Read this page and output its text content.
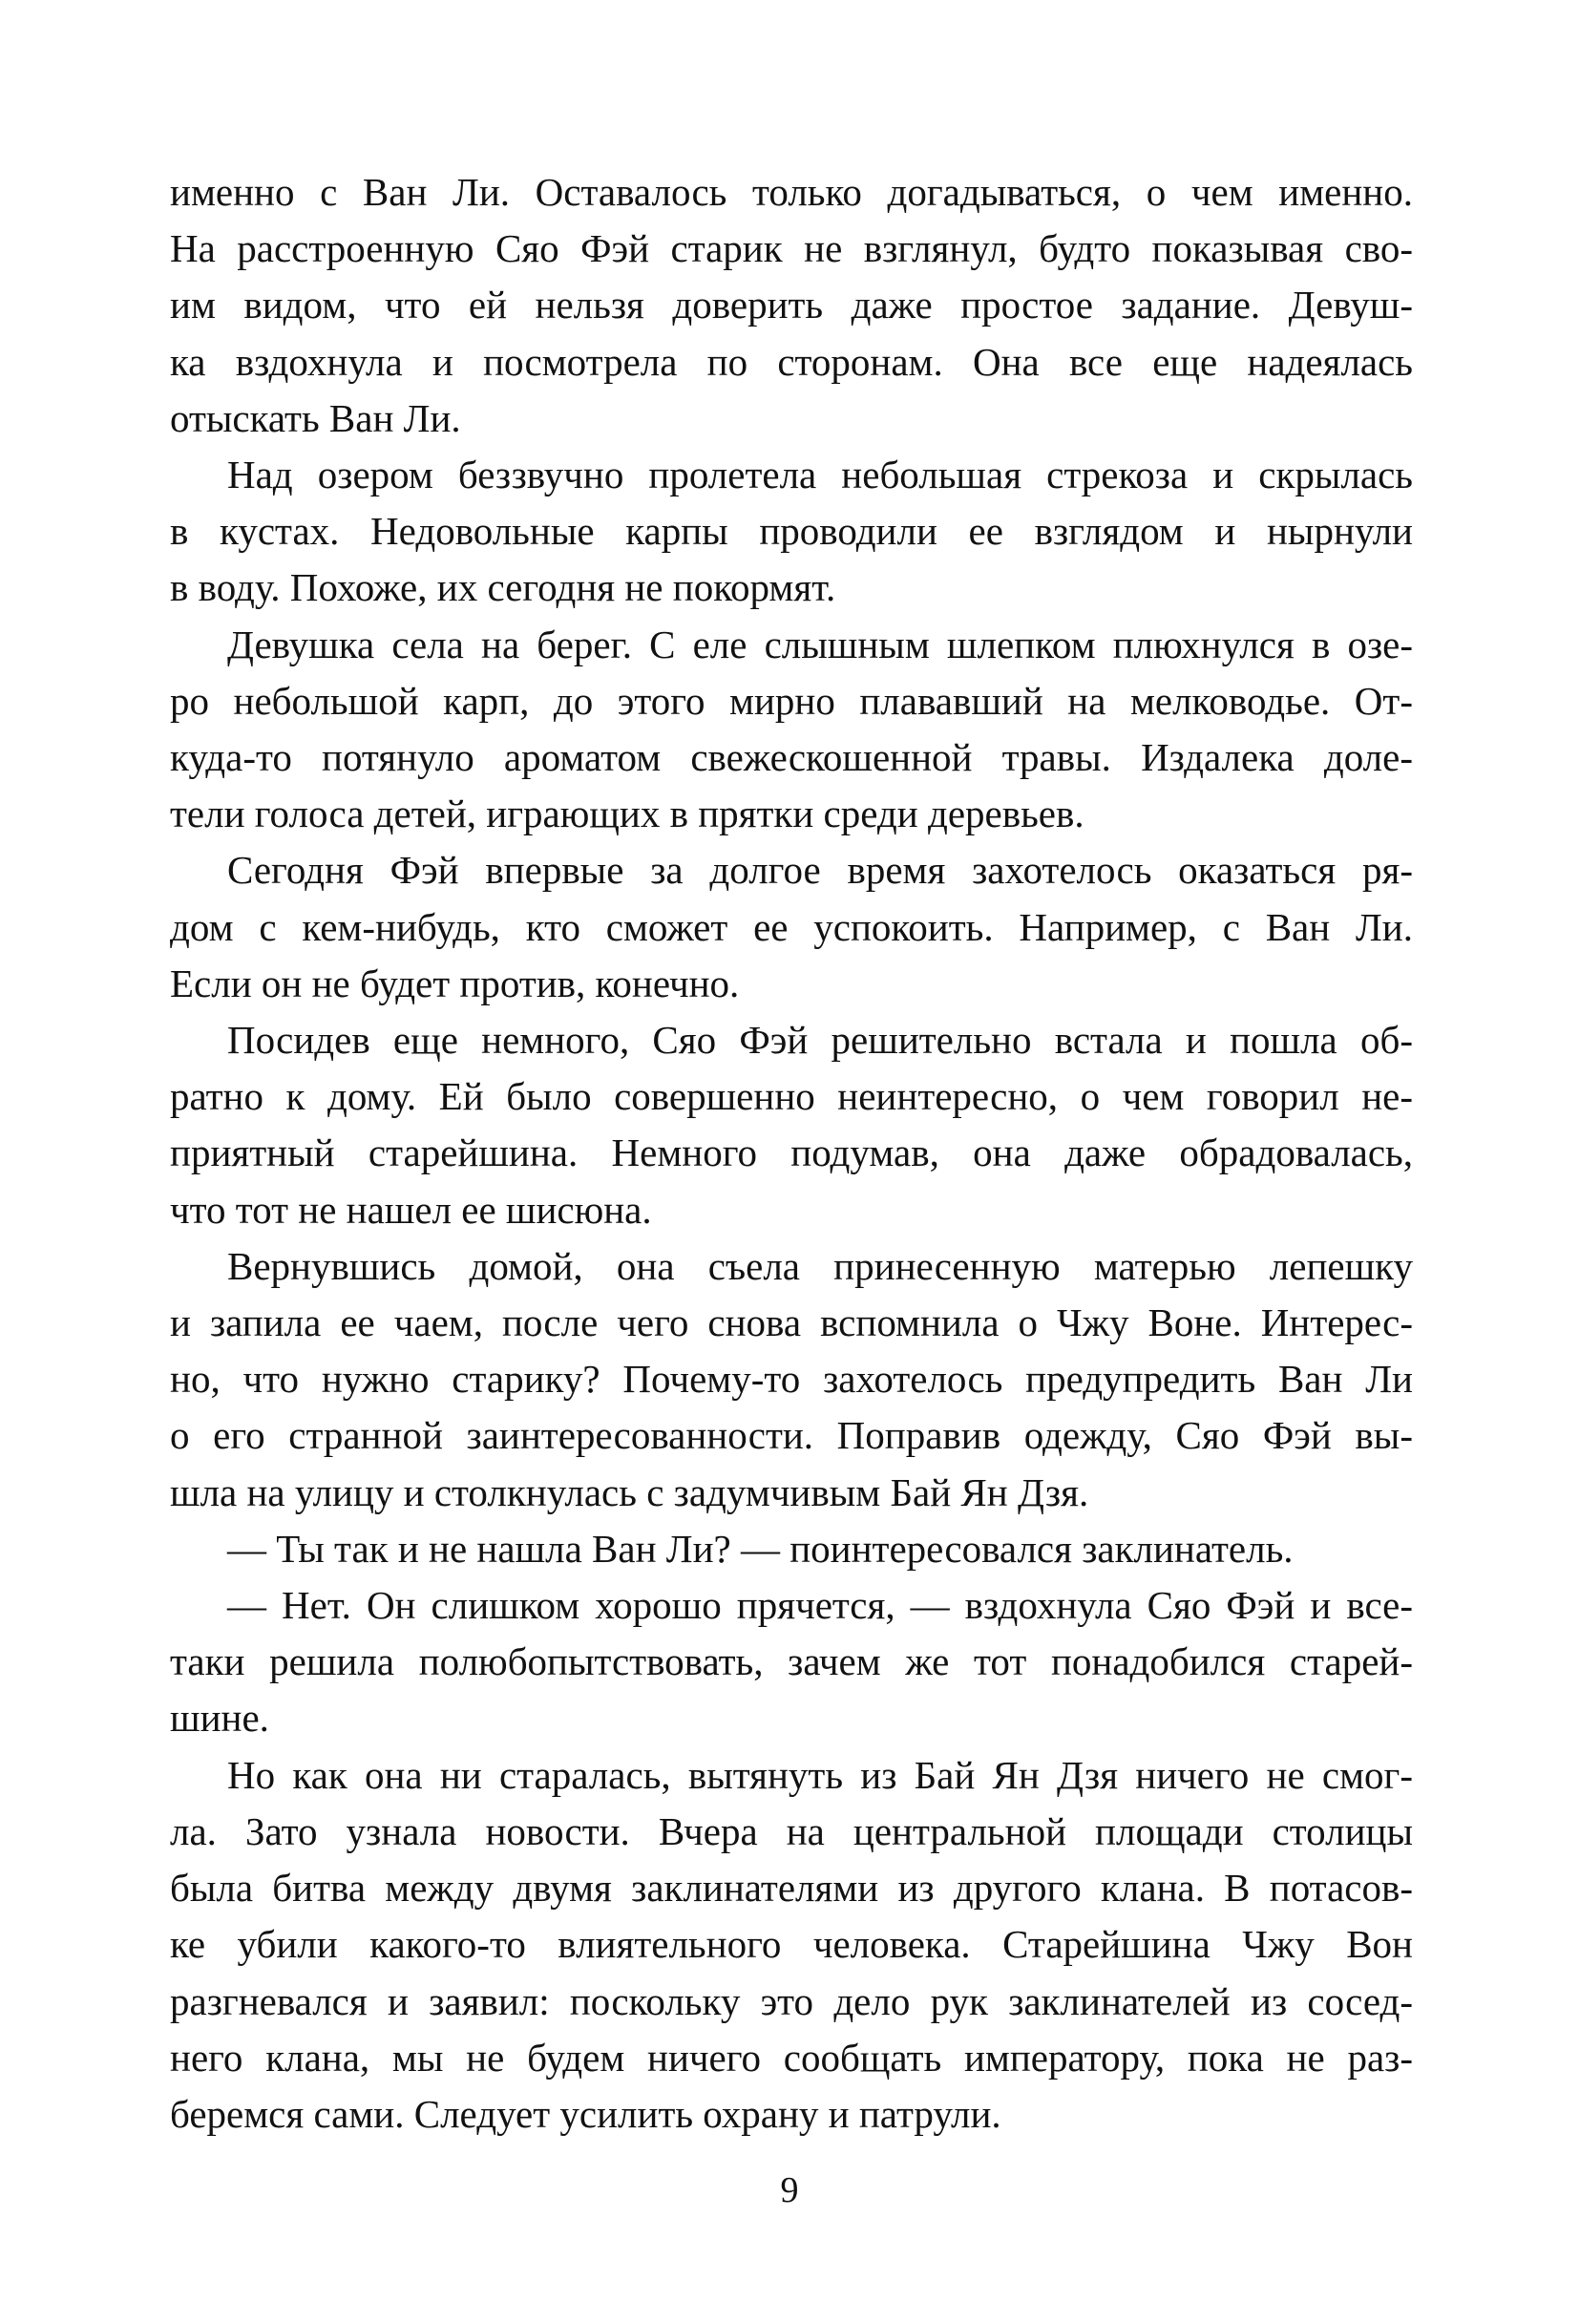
именно с Ван Ли. Оставалось только догадываться, о чем именно.
На расстроенную Сяо Фэй старик не взглянул, будто показывая сво-
им видом, что ей нельзя доверить даже простое задание. Девуш-
ка вздохнула и посмотрела по сторонам. Она все еще надеялась
отыскать Ван Ли.

Над озером беззвучно пролетела небольшая стрекоза и скрылась
в кустах. Недовольные карпы проводили ее взглядом и нырнули
в воду. Похоже, их сегодня не покормят.

Девушка села на берег. С еле слышным шлепком плюхнулся в озе-
ро небольшой карп, до этого мирно плававший на мелководье. От-
куда-то потянуло ароматом свежескошенной травы. Издалека доле-
тели голоса детей, играющих в прятки среди деревьев.

Сегодня Фэй впервые за долгое время захотелось оказаться ря-
дом с кем-нибудь, кто сможет ее успокоить. Например, с Ван Ли.
Если он не будет против, конечно.

Посидев еще немного, Сяо Фэй решительно встала и пошла об-
ратно к дому. Ей было совершенно неинтересно, о чем говорил не-
приятный старейшина. Немного подумав, она даже обрадовалась,
что тот не нашел ее шисюна.

Вернувшись домой, она съела принесенную матерью лепешку
и запила ее чаем, после чего снова вспомнила о Чжу Воне. Интерес-
но, что нужно старику? Почему-то захотелось предупредить Ван Ли
о его странной заинтересованности. Поправив одежду, Сяо Фэй вы-
шла на улицу и столкнулась с задумчивым Бай Ян Дзя.

— Ты так и не нашла Ван Ли? — поинтересовался заклинатель.

— Нет. Он слишком хорошо прячется, — вздохнула Сяо Фэй и все-
таки решила полюбопытствовать, зачем же тот понадобился старей-
шине.

Но как она ни старалась, вытянуть из Бай Ян Дзя ничего не смог-
ла. Зато узнала новости. Вчера на центральной площади столицы
была битва между двумя заклинателями из другого клана. В потасов-
ке убили какого-то влиятельного человека. Старейшина Чжу Вон
разгневался и заявил: поскольку это дело рук заклинателей из сосед-
него клана, мы не будем ничего сообщать императору, пока не раз-
беремся сами. Следует усилить охрану и патрули.

9
